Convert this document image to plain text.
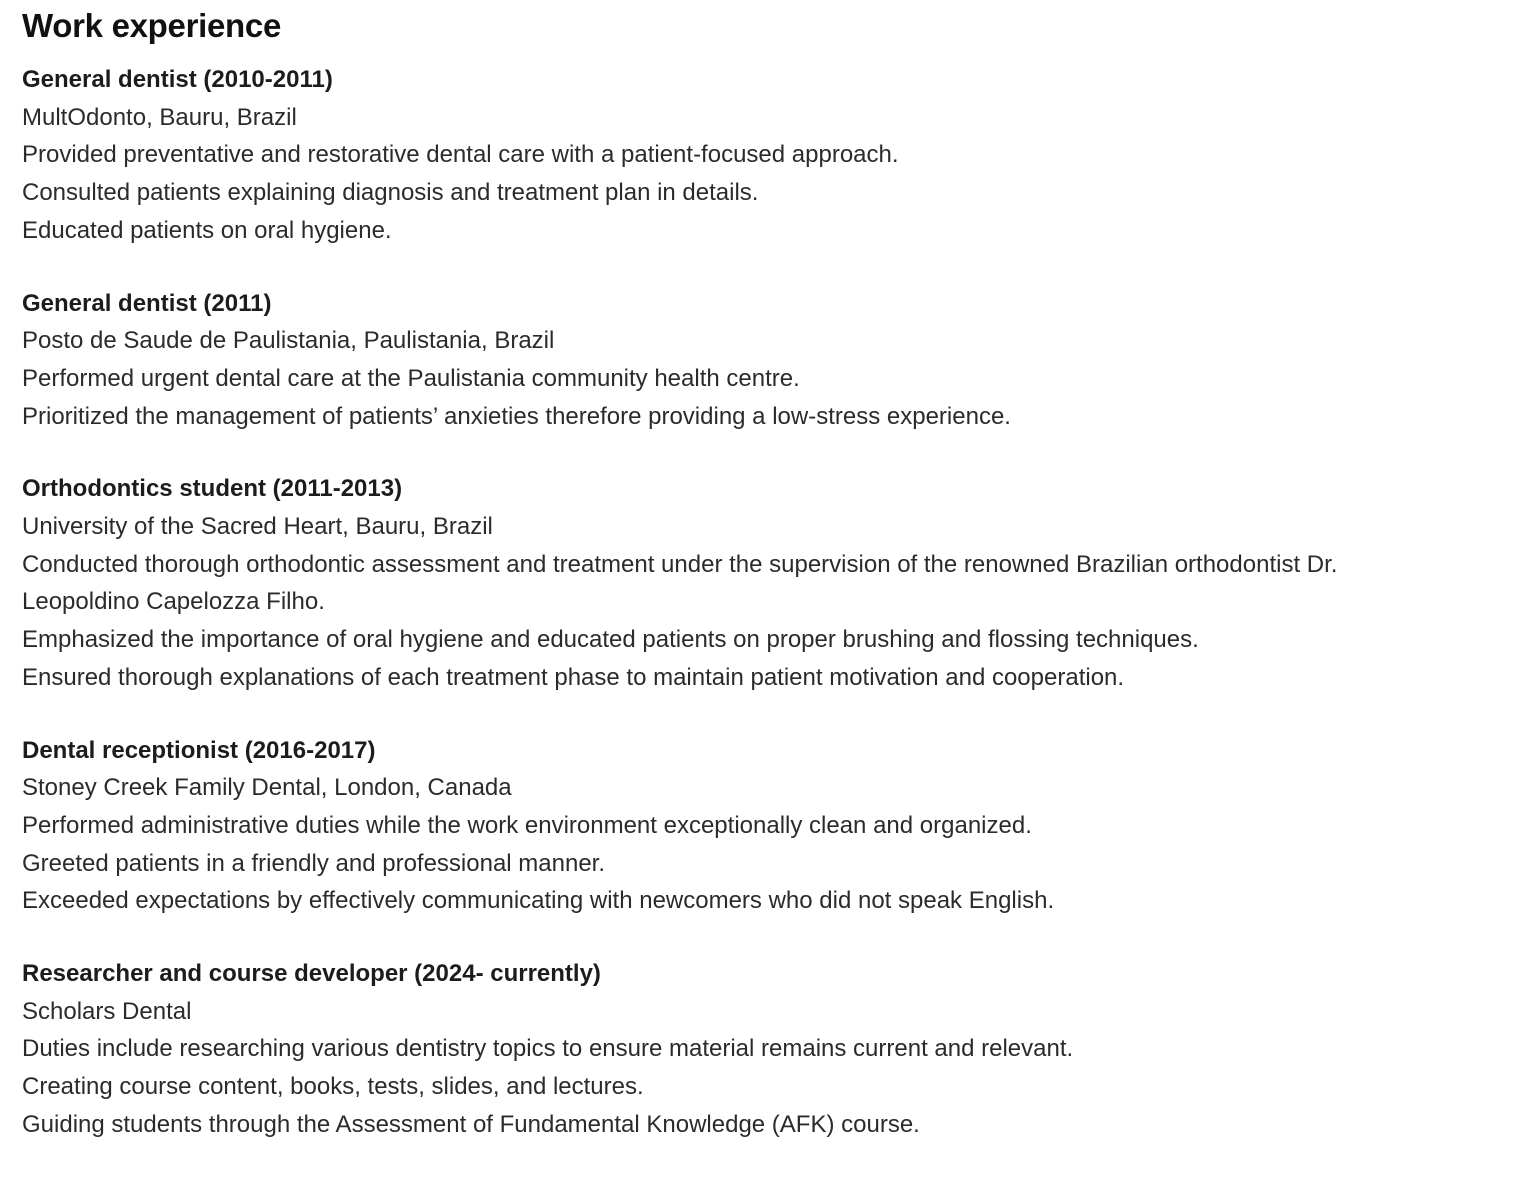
Work experience
General dentist (2010-2011)
MultOdonto, Bauru, Brazil
Provided preventative and restorative dental care with a patient-focused approach.
Consulted patients explaining diagnosis and treatment plan in details.
Educated patients on oral hygiene.
General dentist (2011)
Posto de Saude de Paulistania, Paulistania, Brazil
Performed urgent dental care at the Paulistania community health centre.
Prioritized the management of patients’ anxieties therefore providing a low-stress experience.
Orthodontics student (2011-2013)
University of the Sacred Heart, Bauru, Brazil
Conducted thorough orthodontic assessment and treatment under the supervision of the renowned Brazilian orthodontist Dr.
Leopoldino Capelozza Filho.
Emphasized the importance of oral hygiene and educated patients on proper brushing and flossing techniques.
Ensured thorough explanations of each treatment phase to maintain patient motivation and cooperation.
Dental receptionist (2016-2017)
Stoney Creek Family Dental, London, Canada
Performed administrative duties while the work environment exceptionally clean and organized.
Greeted patients in a friendly and professional manner.
Exceeded expectations by effectively communicating with newcomers who did not speak English.
Researcher and course developer (2024- currently)
Scholars Dental
Duties include researching various dentistry topics to ensure material remains current and relevant.
Creating course content, books, tests, slides, and lectures.
Guiding students through the Assessment of Fundamental Knowledge (AFK) course.
